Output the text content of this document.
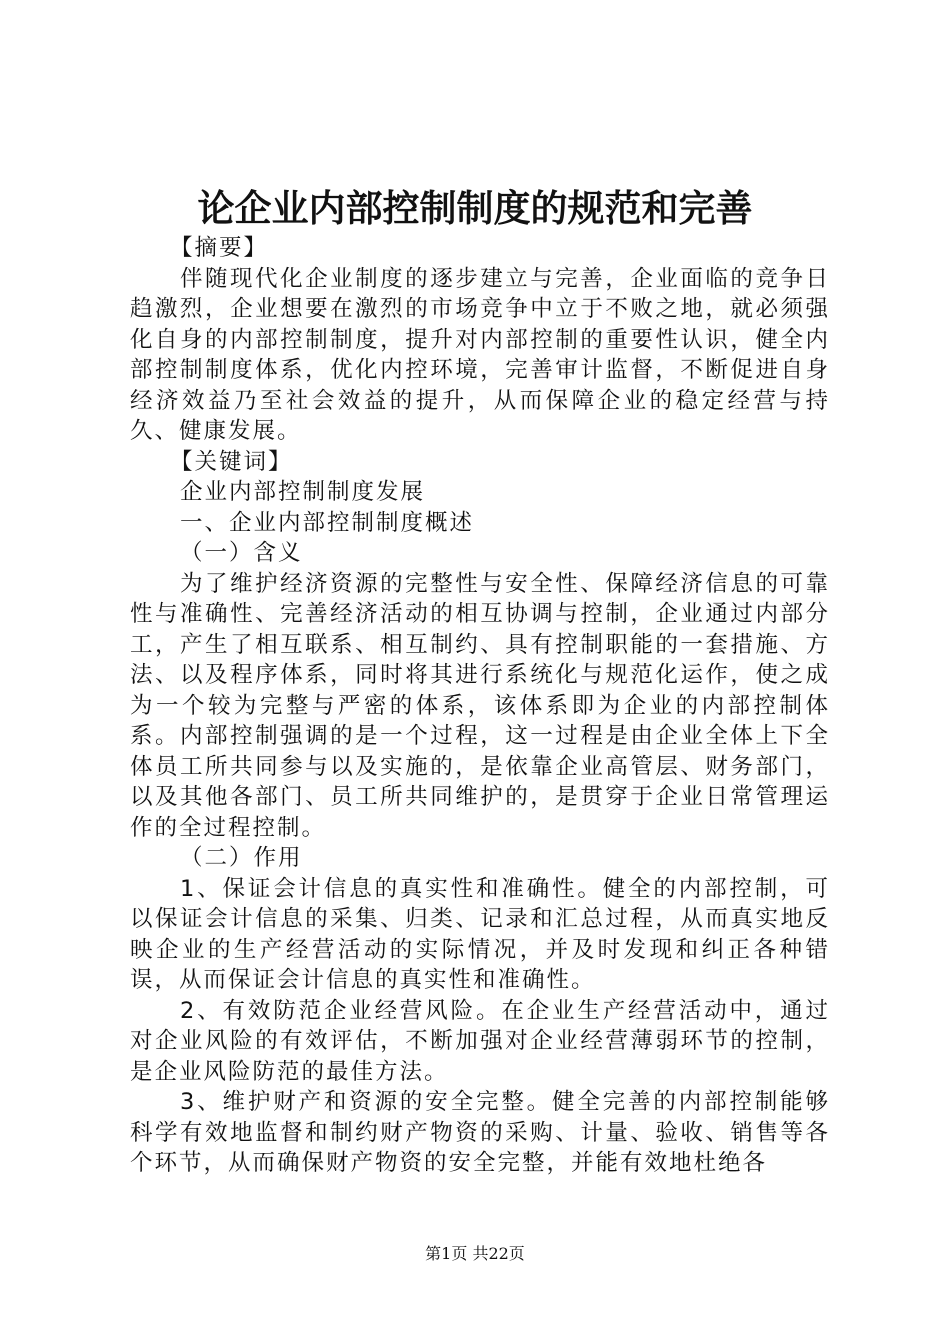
论企业内部控制制度的规范和完善

【摘要】

伴随现代化企业制度的逐步建立与完善，企业面临的竞争日趋激烈，企业想要在激烈的市场竞争中立于不败之地，就必须强化自身的内部控制制度，提升对内部控制的重要性认识，健全内部控制制度体系，优化内控环境，完善审计监督，不断促进自身经济效益乃至社会效益的提升，从而保障企业的稳定经营与持久、健康发展。

【关键词】

企业内部控制制度发展

一、企业内部控制制度概述

（一）含义

为了维护经济资源的完整性与安全性、保障经济信息的可靠性与准确性、完善经济活动的相互协调与控制，企业通过内部分工，产生了相互联系、相互制约、具有控制职能的一套措施、方法、以及程序体系，同时将其进行系统化与规范化运作，使之成为一个较为完整与严密的体系，该体系即为企业的内部控制体系。内部控制强调的是一个过程，这一过程是由企业全体上下全体员工所共同参与以及实施的，是依靠企业高管层、财务部门，以及其他各部门、员工所共同维护的，是贯穿于企业日常管理运作的全过程控制。

（二）作用

1、保证会计信息的真实性和准确性。健全的内部控制，可以保证会计信息的采集、归类、记录和汇总过程，从而真实地反映企业的生产经营活动的实际情况，并及时发现和纠正各种错误，从而保证会计信息的真实性和准确性。

2、有效防范企业经营风险。在企业生产经营活动中，通过对企业风险的有效评估，不断加强对企业经营薄弱环节的控制，是企业风险防范的最佳方法。

3、维护财产和资源的安全完整。健全完善的内部控制能够科学有效地监督和制约财产物资的采购、计量、验收、销售等各个环节，从而确保财产物资的安全完整，并能有效地杜绝各

第1页 共22页
